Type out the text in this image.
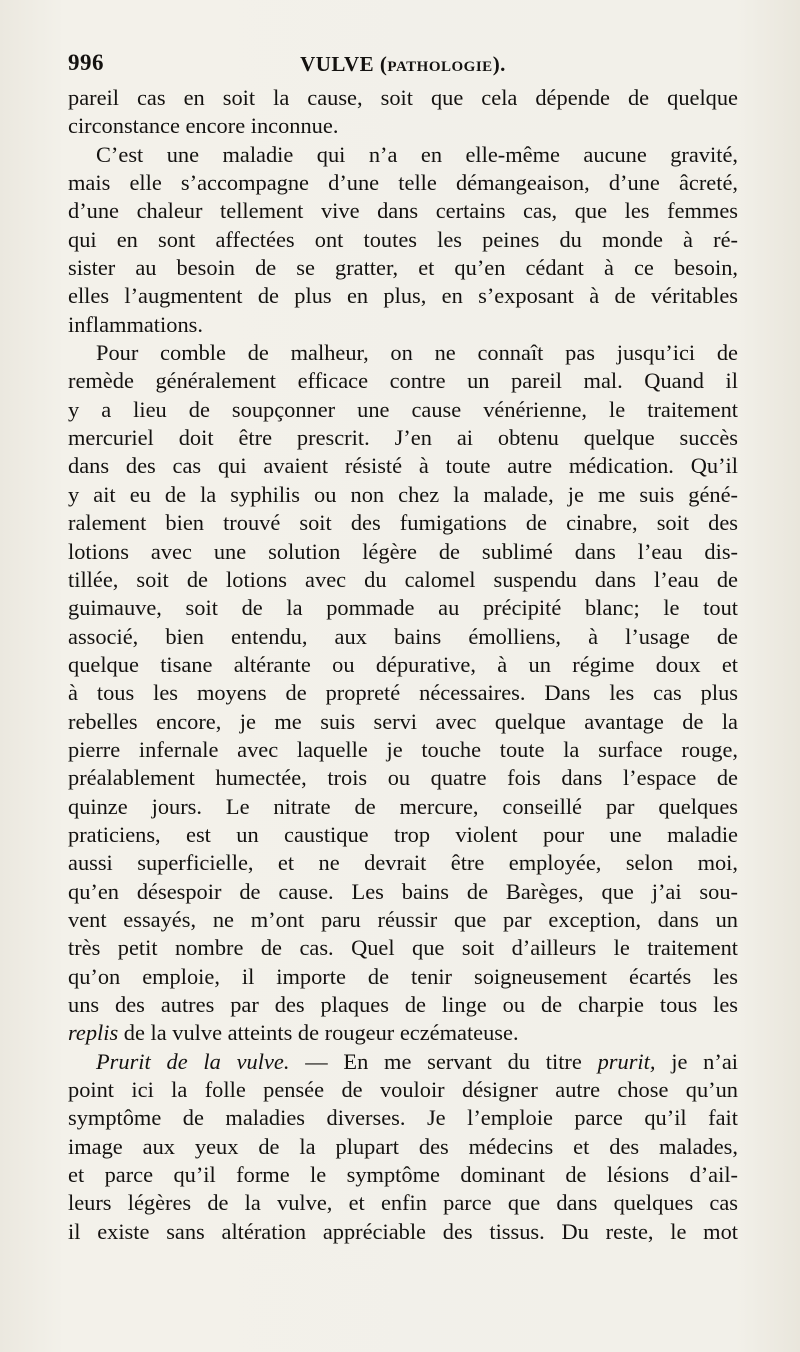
996	VULVE (pathologie).
pareil cas en soit la cause, soit que cela dépende de quelque
circonstance encore inconnue.
C’est une maladie qui n’a en elle-même aucune gravité,
mais elle s’accompagne d’une telle démangeaison, d’une âcreté,
d’une chaleur tellement vive dans certains cas, que les femmes
qui en sont affectées ont toutes les peines du monde à ré-
sister au besoin de se gratter, et qu’en cédant à ce besoin,
elles l’augmentent de plus en plus, en s’exposant à de véritables
inflammations.
Pour comble de malheur, on ne connaît pas jusqu’ici de
remède généralement efficace contre un pareil mal. Quand il
y a lieu de soupçonner une cause vénérienne, le traitement
mercuriel doit être prescrit. J’en ai obtenu quelque succès
dans des cas qui avaient résisté à toute autre médication. Qu’il
y ait eu de la syphilis ou non chez la malade, je me suis géné-
ralement bien trouvé soit des fumigations de cinabre, soit des
lotions avec une solution légère de sublimé dans l’eau dis-
tillée, soit de lotions avec du calomel suspendu dans l’eau de
guimauve, soit de la pommade au précipité blanc; le tout
associé, bien entendu, aux bains émolliens, à l’usage de
quelque tisane altérante ou dépurative, à un régime doux et
à tous les moyens de propreté nécessaires. Dans les cas plus
rebelles encore, je me suis servi avec quelque avantage de la
pierre infernale avec laquelle je touche toute la surface rouge,
préalablement humectée, trois ou quatre fois dans l’espace de
quinze jours. Le nitrate de mercure, conseillé par quelques
praticiens, est un caustique trop violent pour une maladie
aussi superficielle, et ne devrait être employée, selon moi,
qu’en désespoir de cause. Les bains de Barèges, que j’ai sou-
vent essayés, ne m’ont paru réussir que par exception, dans un
très petit nombre de cas. Quel que soit d’ailleurs le traitement
qu’on emploie, il importe de tenir soigneusement écartés les
uns des autres par des plaques de linge ou de charpie tous les
replis de la vulve atteints de rougeur eczémateuse.
Prurit de la vulve. — En me servant du titre prurit, je n’ai
point ici la folle pensée de vouloir désigner autre chose qu’un
symptôme de maladies diverses. Je l’emploie parce qu’il fait
image aux yeux de la plupart des médecins et des malades,
et parce qu’il forme le symptôme dominant de lésions d’ail-
leurs légères de la vulve, et enfin parce que dans quelques cas
il existe sans altération appréciable des tissus. Du reste, le mot
